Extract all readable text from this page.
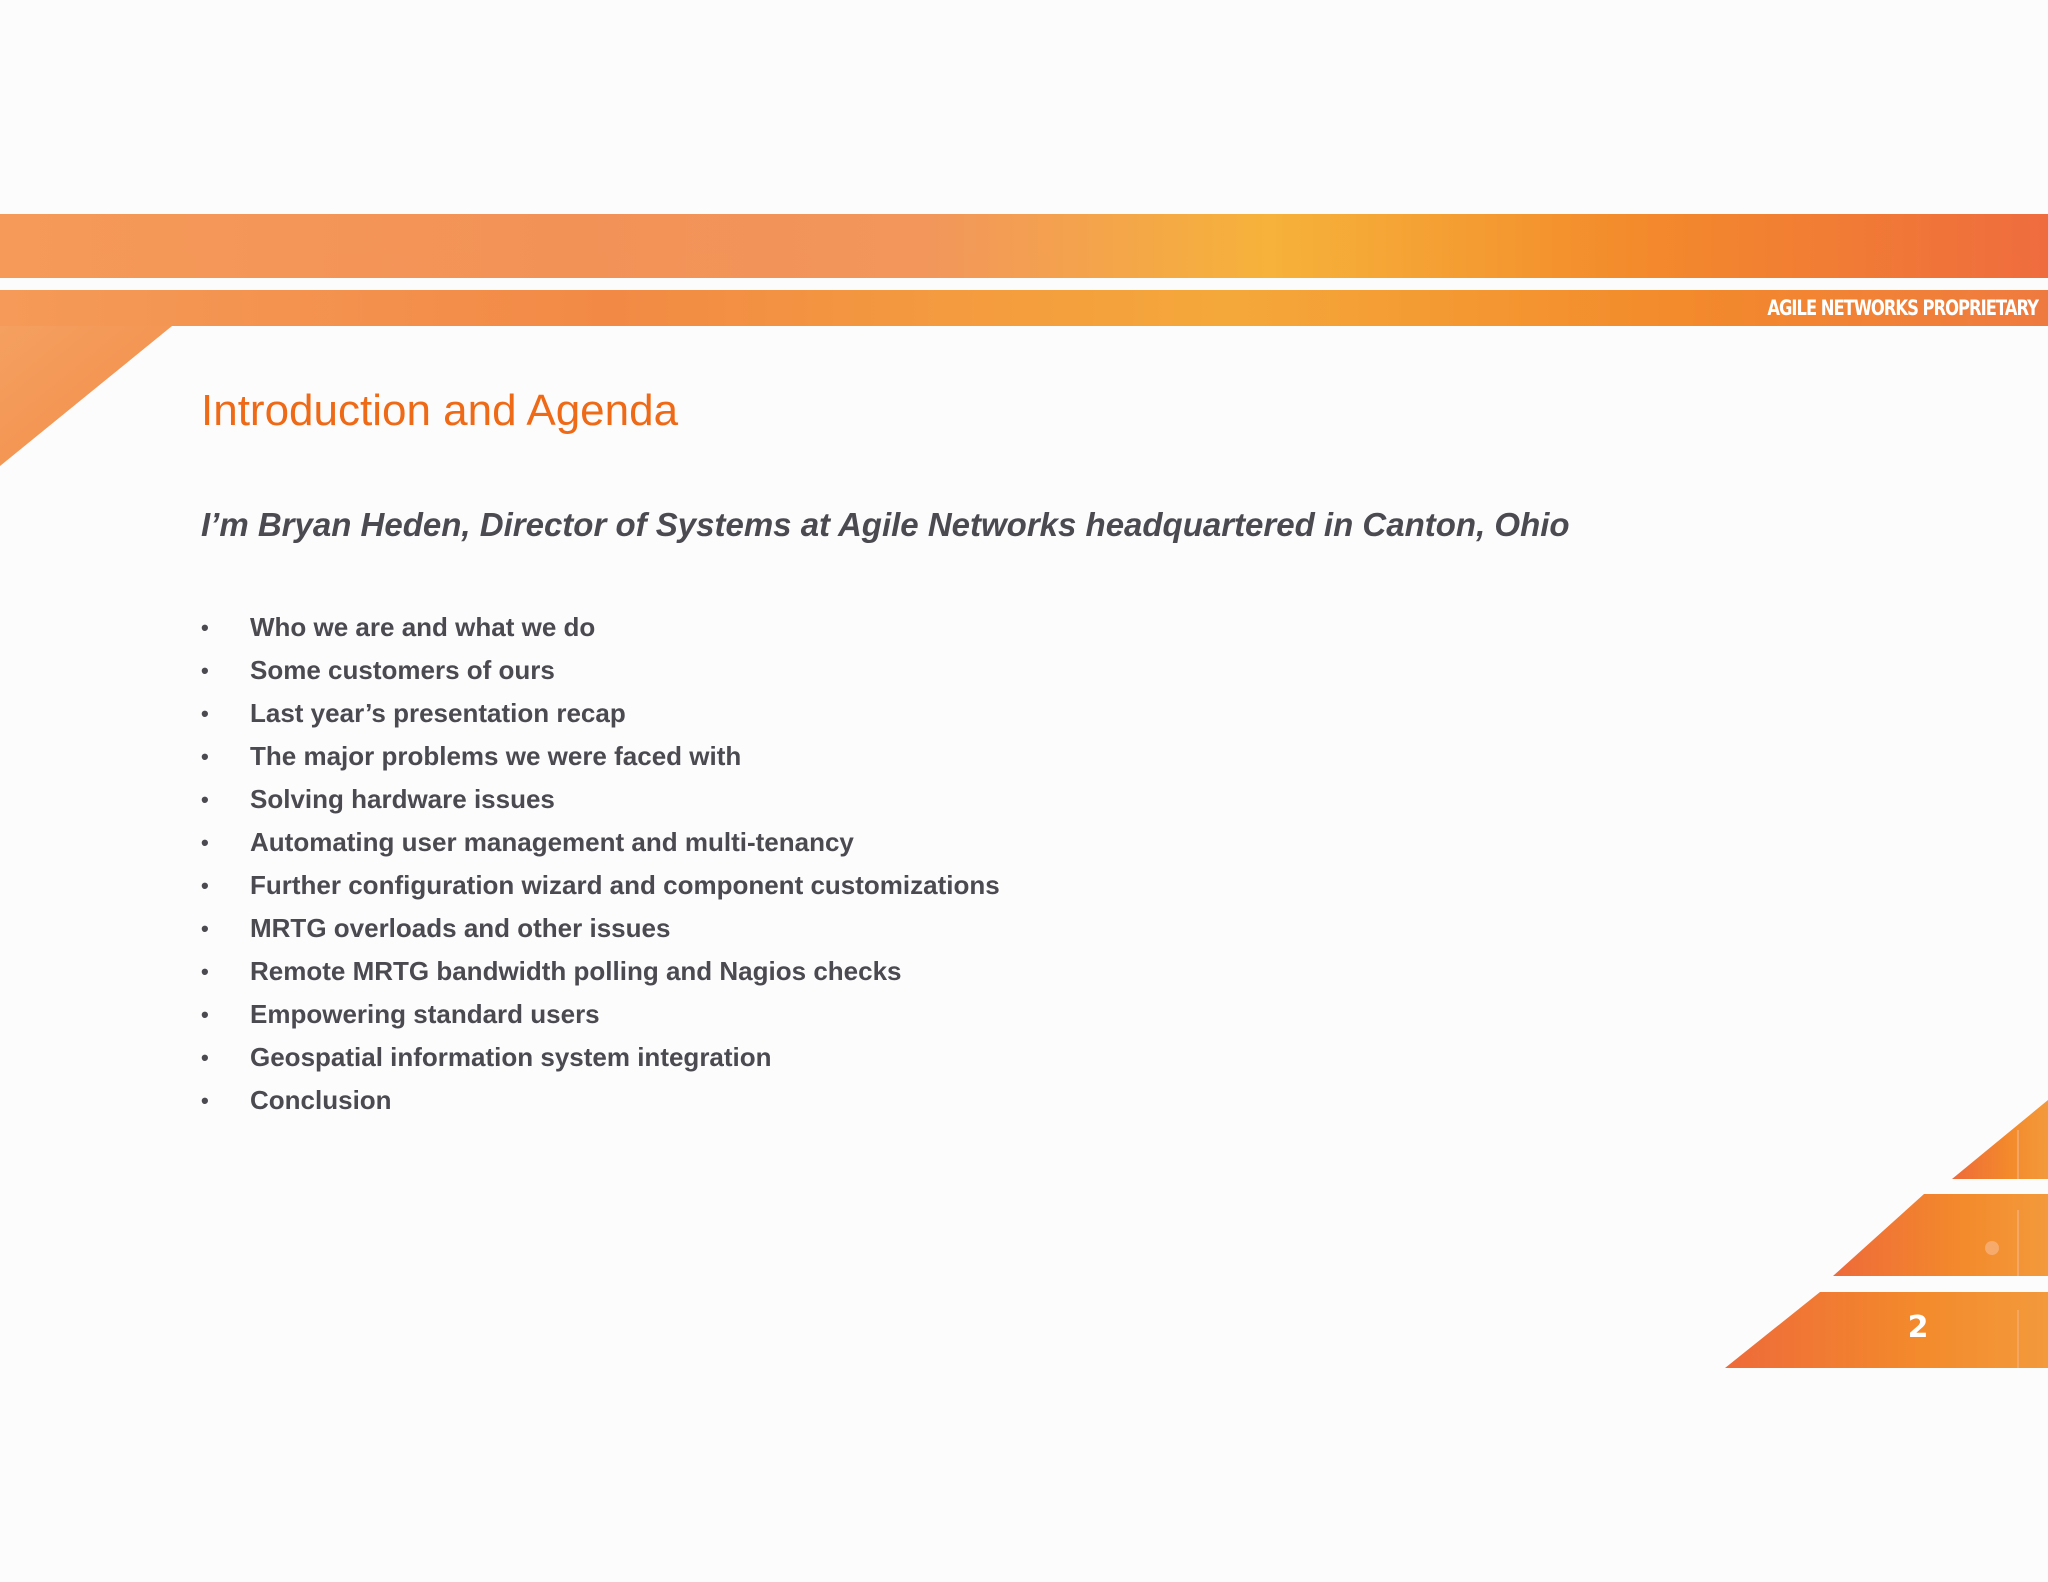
AGILE NETWORKS PROPRIETARY
Introduction and Agenda
I’m Bryan Heden, Director of Systems at Agile Networks headquartered in Canton, Ohio
• Who we are and what we do
• Some customers of ours
• Last year’s presentation recap
• The major problems we were faced with
• Solving hardware issues
• Automating user management and multi-tenancy
• Further configuration wizard and component customizations
• MRTG overloads and other issues
• Remote MRTG bandwidth polling and Nagios checks
• Empowering standard users
• Geospatial information system integration
• Conclusion
2
